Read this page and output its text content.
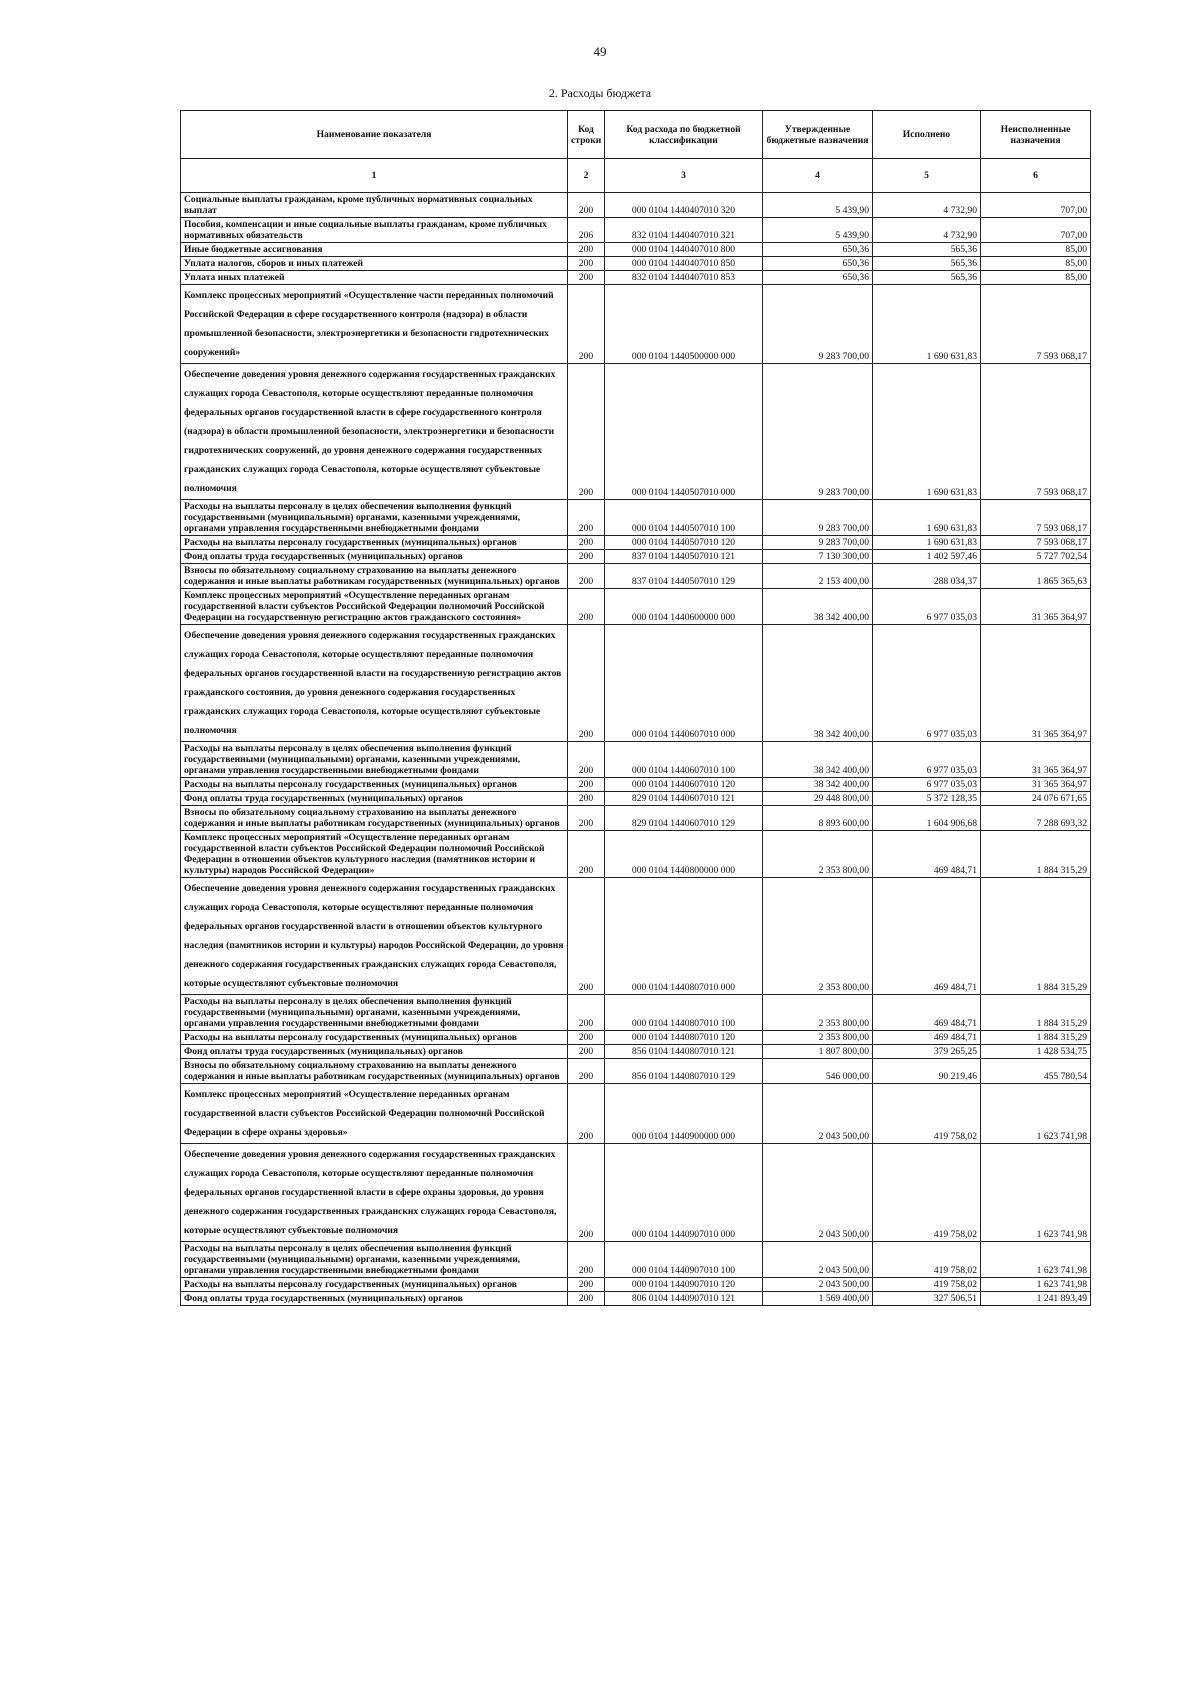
49
2. Расходы бюджета
Наименование показателя	Код строки	Код расхода по бюджетной классификации	Утвержденные бюджетные назначения	Исполнено	Неисполненные назначения
1	2	3	4	5	6
Социальные выплаты гражданам, кроме публичных нормативных социальных выплат	200	000 0104 1440407010 320	5 439,90	4 732,90	707,00
Пособия, компенсации и иные социальные выплаты гражданам, кроме публичных нормативных обязательств	206	832 0104 1440407010 321	5 439,90	4 732,90	707,00
Иные бюджетные ассигнования	200	000 0104 1440407010 800	650,36	565,36	85,00
Уплата налогов, сборов и иных платежей	200	000 0104 1440407010 850	650,36	565,36	85,00
Уплата иных платежей	200	832 0104 1440407010 853	650,36	565,36	85,00
Комплекс процессных мероприятий «Осуществление части переданных полномочий Российской Федерации в сфере государственного контроля (надзора) в области промышленной безопасности, электроэнергетики и безопасности гидротехнических сооружений»	200	000 0104 1440500000 000	9 283 700,00	1 690 631,83	7 593 068,17
Обеспечение доведения уровня денежного содержания государственных гражданских служащих города Севастополя, которые осуществляют переданные полномочия федеральных органов государственной власти в сфере государственного контроля (надзора) в области промышленной безопасности, электроэнергетики и безопасности гидротехнических сооружений, до уровня денежного содержания государственных гражданских служащих города Севастополя, которые осуществляют субъектовые полномочия	200	000 0104 1440507010 000	9 283 700,00	1 690 631,83	7 593 068,17
Расходы на выплаты персоналу в целях обеспечения выполнения функций государственными (муниципальными) органами, казенными учреждениями, органами управления государственными внебюджетными фондами	200	000 0104 1440507010 100	9 283 700,00	1 690 631,83	7 593 068,17
Расходы на выплаты персоналу государственных (муниципальных) органов	200	000 0104 1440507010 120	9 283 700,00	1 690 631,83	7 593 068,17
Фонд оплаты труда государственных (муниципальных) органов	200	837 0104 1440507010 121	7 130 300,00	1 402 597,46	5 727 702,54
Взносы по обязательному социальному страхованию на выплаты денежного содержания и иные выплаты работникам государственных (муниципальных) органов	200	837 0104 1440507010 129	2 153 400,00	288 034,37	1 865 365,63
Комплекс процессных мероприятий «Осуществление переданных органам государственной власти субъектов Российской Федерации полномочий Российской Федерации на государственную регистрацию актов гражданского состояния»	200	000 0104 1440600000 000	38 342 400,00	6 977 035,03	31 365 364,97
Обеспечение доведения уровня денежного содержания государственных гражданских служащих города Севастополя, которые осуществляют переданные полномочия федеральных органов государственной власти на государственную регистрацию актов гражданского состояния, до уровня денежного содержания государственных гражданских служащих города Севастополя, которые осуществляют субъектовые полномочия	200	000 0104 1440607010 000	38 342 400,00	6 977 035,03	31 365 364,97
Расходы на выплаты персоналу в целях обеспечения выполнения функций государственными (муниципальными) органами, казенными учреждениями, органами управления государственными внебюджетными фондами	200	000 0104 1440607010 100	38 342 400,00	6 977 035,03	31 365 364,97
Расходы на выплаты персоналу государственных (муниципальных) органов	200	000 0104 1440607010 120	38 342 400,00	6 977 035,03	31 365 364,97
Фонд оплаты труда государственных (муниципальных) органов	200	829 0104 1440607010 121	29 448 800,00	5 372 128,35	24 076 671,65
Взносы по обязательному социальному страхованию на выплаты денежного содержания и иные выплаты работникам государственных (муниципальных) органов	200	829 0104 1440607010 129	8 893 600,00	1 604 906,68	7 288 693,32
Комплекс процессных мероприятий «Осуществление переданных органам государственной власти субъектов Российской Федерации полномочий Российской Федерации в отношении объектов культурного наследия (памятников истории и культуры) народов Российской Федерации»	200	000 0104 1440800000 000	2 353 800,00	469 484,71	1 884 315,29
Обеспечение доведения уровня денежного содержания государственных гражданских служащих города Севастополя, которые осуществляют переданные полномочия федеральных органов государственной власти в отношении объектов культурного наследия (памятников истории и культуры) народов Российской Федерации, до уровня денежного содержания государственных гражданских служащих города Севастополя, которые осуществляют субъектовые полномочия	200	000 0104 1440807010 000	2 353 800,00	469 484,71	1 884 315,29
Расходы на выплаты персоналу в целях обеспечения выполнения функций государственными (муниципальными) органами, казенными учреждениями, органами управления государственными внебюджетными фондами	200	000 0104 1440807010 100	2 353 800,00	469 484,71	1 884 315,29
Расходы на выплаты персоналу государственных (муниципальных) органов	200	000 0104 1440807010 120	2 353 800,00	469 484,71	1 884 315,29
Фонд оплаты труда государственных (муниципальных) органов	200	856 0104 1440807010 121	1 807 800,00	379 265,25	1 428 534,75
Взносы по обязательному социальному страхованию на выплаты денежного содержания и иные выплаты работникам государственных (муниципальных) органов	200	856 0104 1440807010 129	546 000,00	90 219,46	455 780,54
Комплекс процессных мероприятий «Осуществление переданных органам государственной власти субъектов Российской Федерации полномочий Российской Федерации в сфере охраны здоровья»	200	000 0104 1440900000 000	2 043 500,00	419 758,02	1 623 741,98
Обеспечение доведения уровня денежного содержания государственных гражданских служащих города Севастополя, которые осуществляют переданные полномочия федеральных органов государственной власти в сфере охраны здоровья, до уровня денежного содержания государственных гражданских служащих города Севастополя, которые осуществляют субъектовые полномочия	200	000 0104 1440907010 000	2 043 500,00	419 758,02	1 623 741,98
Расходы на выплаты персоналу в целях обеспечения выполнения функций государственными (муниципальными) органами, казенными учреждениями, органами управления государственными внебюджетными фондами	200	000 0104 1440907010 100	2 043 500,00	419 758,02	1 623 741,98
Расходы на выплаты персоналу государственных (муниципальных) органов	200	000 0104 1440907010 120	2 043 500,00	419 758,02	1 623 741,98
Фонд оплаты труда государственных (муниципальных) органов	200	806 0104 1440907010 121	1 569 400,00	327 506,51	1 241 893,49
